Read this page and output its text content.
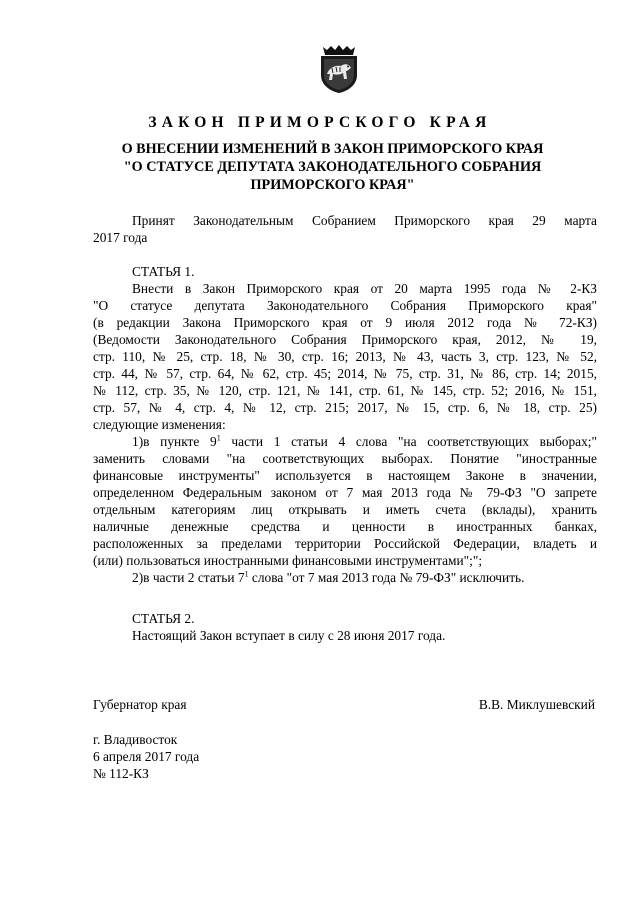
ЗАКОН ПРИМОРСКОГО КРАЯ
О ВНЕСЕНИИ ИЗМЕНЕНИЙ В ЗАКОН ПРИМОРСКОГО КРАЯ
"О СТАТУСЕ ДЕПУТАТА ЗАКОНОДАТЕЛЬНОГО СОБРАНИЯ
ПРИМОРСКОГО КРАЯ"
Принят Законодательным Собранием Приморского края 29 марта
2017 года
СТАТЬЯ 1.
Внести в Закон Приморского края от 20 марта 1995 года № 2-КЗ
"О статусе депутата Законодательного Собрания Приморского края"
(в редакции Закона Приморского края от 9 июля 2012 года № 72-КЗ)
(Ведомости Законодательного Собрания Приморского края, 2012, № 19,
стр. 110, № 25, стр. 18, № 30, стр. 16; 2013, № 43, часть 3, стр. 123, № 52,
стр. 44, № 57, стр. 64, № 62, стр. 45; 2014, № 75, стр. 31, № 86, стр. 14; 2015,
№ 112, стр. 35, № 120, стр. 121, № 141, стр. 61, № 145, стр. 52; 2016, № 151,
стр. 57, № 4, стр. 4, № 12, стр. 215; 2017, № 15, стр. 6, № 18, стр. 25)
следующие изменения:
1)в пункте $9^1$ части 1 статьи 4 слова "на соответствующих выборах;"
заменить словами "на соответствующих выборах. Понятие "иностранные
финансовые инструменты" используется в настоящем Законе в значении,
определенном Федеральным законом от 7 мая 2013 года № 79-ФЗ "О запрете
отдельным категориям лиц открывать и иметь счета (вклады), хранить
наличные денежные средства и ценности в иностранных банках,
расположенных за пределами территории Российской Федерации, владеть и
(или) пользоваться иностранными финансовыми инструментами";";
2)в части 2 статьи $7^1$ слова "от 7 мая 2013 года № 79-ФЗ" исключить.
СТАТЬЯ 2.
Настоящий Закон вступает в силу с 28 июня 2017 года.
Губернатор края	В.В. Миклушевский
г. Владивосток
6 апреля 2017 года
№ 112-КЗ
